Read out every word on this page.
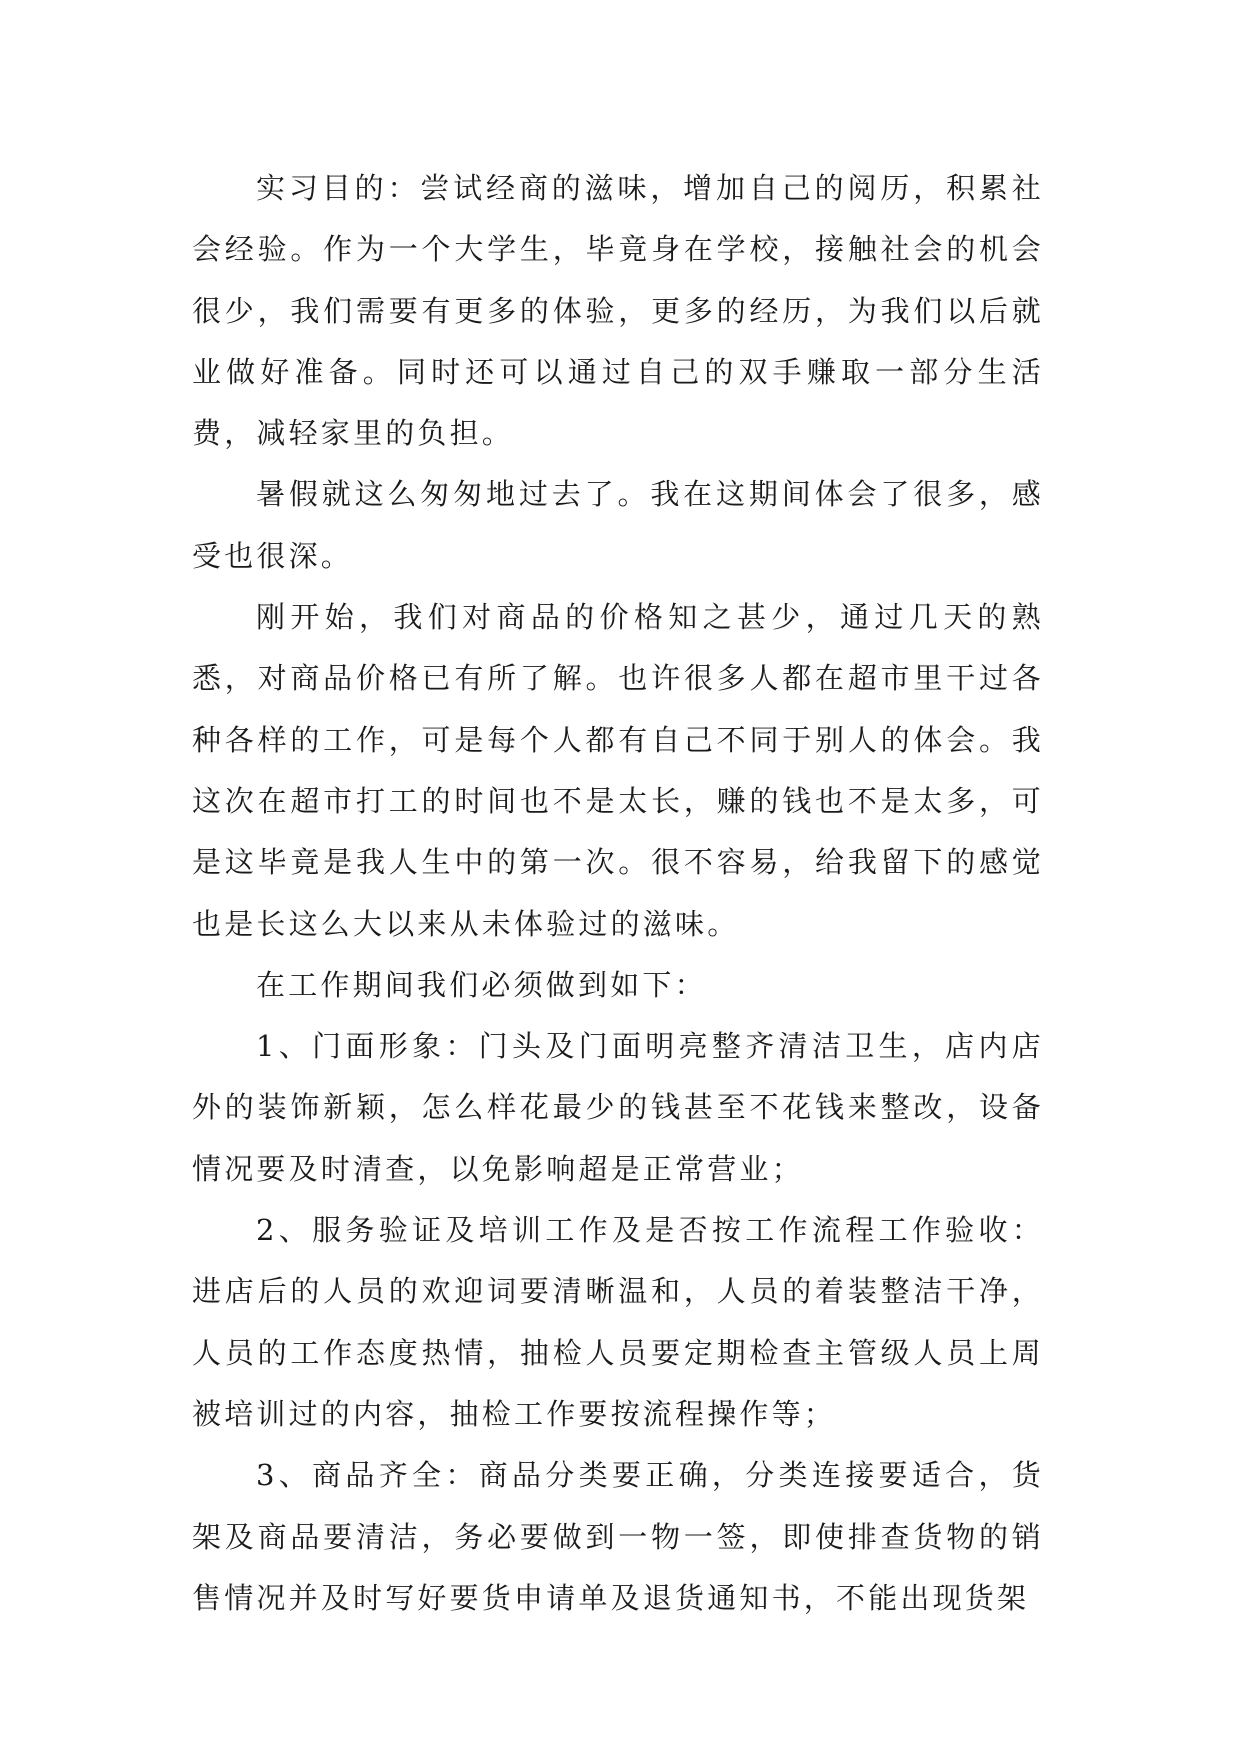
实习目的：尝试经商的滋味，增加自己的阅历，积累社会经验。作为一个大学生，毕竟身在学校，接触社会的机会很少，我们需要有更多的体验，更多的经历，为我们以后就业做好准备。同时还可以通过自己的双手赚取一部分生活费，减轻家里的负担。

暑假就这么匆匆地过去了。我在这期间体会了很多，感受也很深。

刚开始，我们对商品的价格知之甚少，通过几天的熟悉，对商品价格已有所了解。也许很多人都在超市里干过各种各样的工作，可是每个人都有自己不同于别人的体会。我这次在超市打工的时间也不是太长，赚的钱也不是太多，可是这毕竟是我人生中的第一次。很不容易，给我留下的感觉也是长这么大以来从未体验过的滋味。

在工作期间我们必须做到如下：

1、门面形象：门头及门面明亮整齐清洁卫生，店内店外的装饰新颖，怎么样花最少的钱甚至不花钱来整改，设备情况要及时清查，以免影响超是正常营业；

2、服务验证及培训工作及是否按工作流程工作验收：进店后的人员的欢迎词要清晰温和，人员的着装整洁干净，人员的工作态度热情，抽检人员要定期检查主管级人员上周被培训过的内容，抽检工作要按流程操作等；

3、商品齐全：商品分类要正确，分类连接要适合，货架及商品要清洁，务必要做到一物一签，即使排查货物的销售情况并及时写好要货申请单及退货通知书，不能出现货架
